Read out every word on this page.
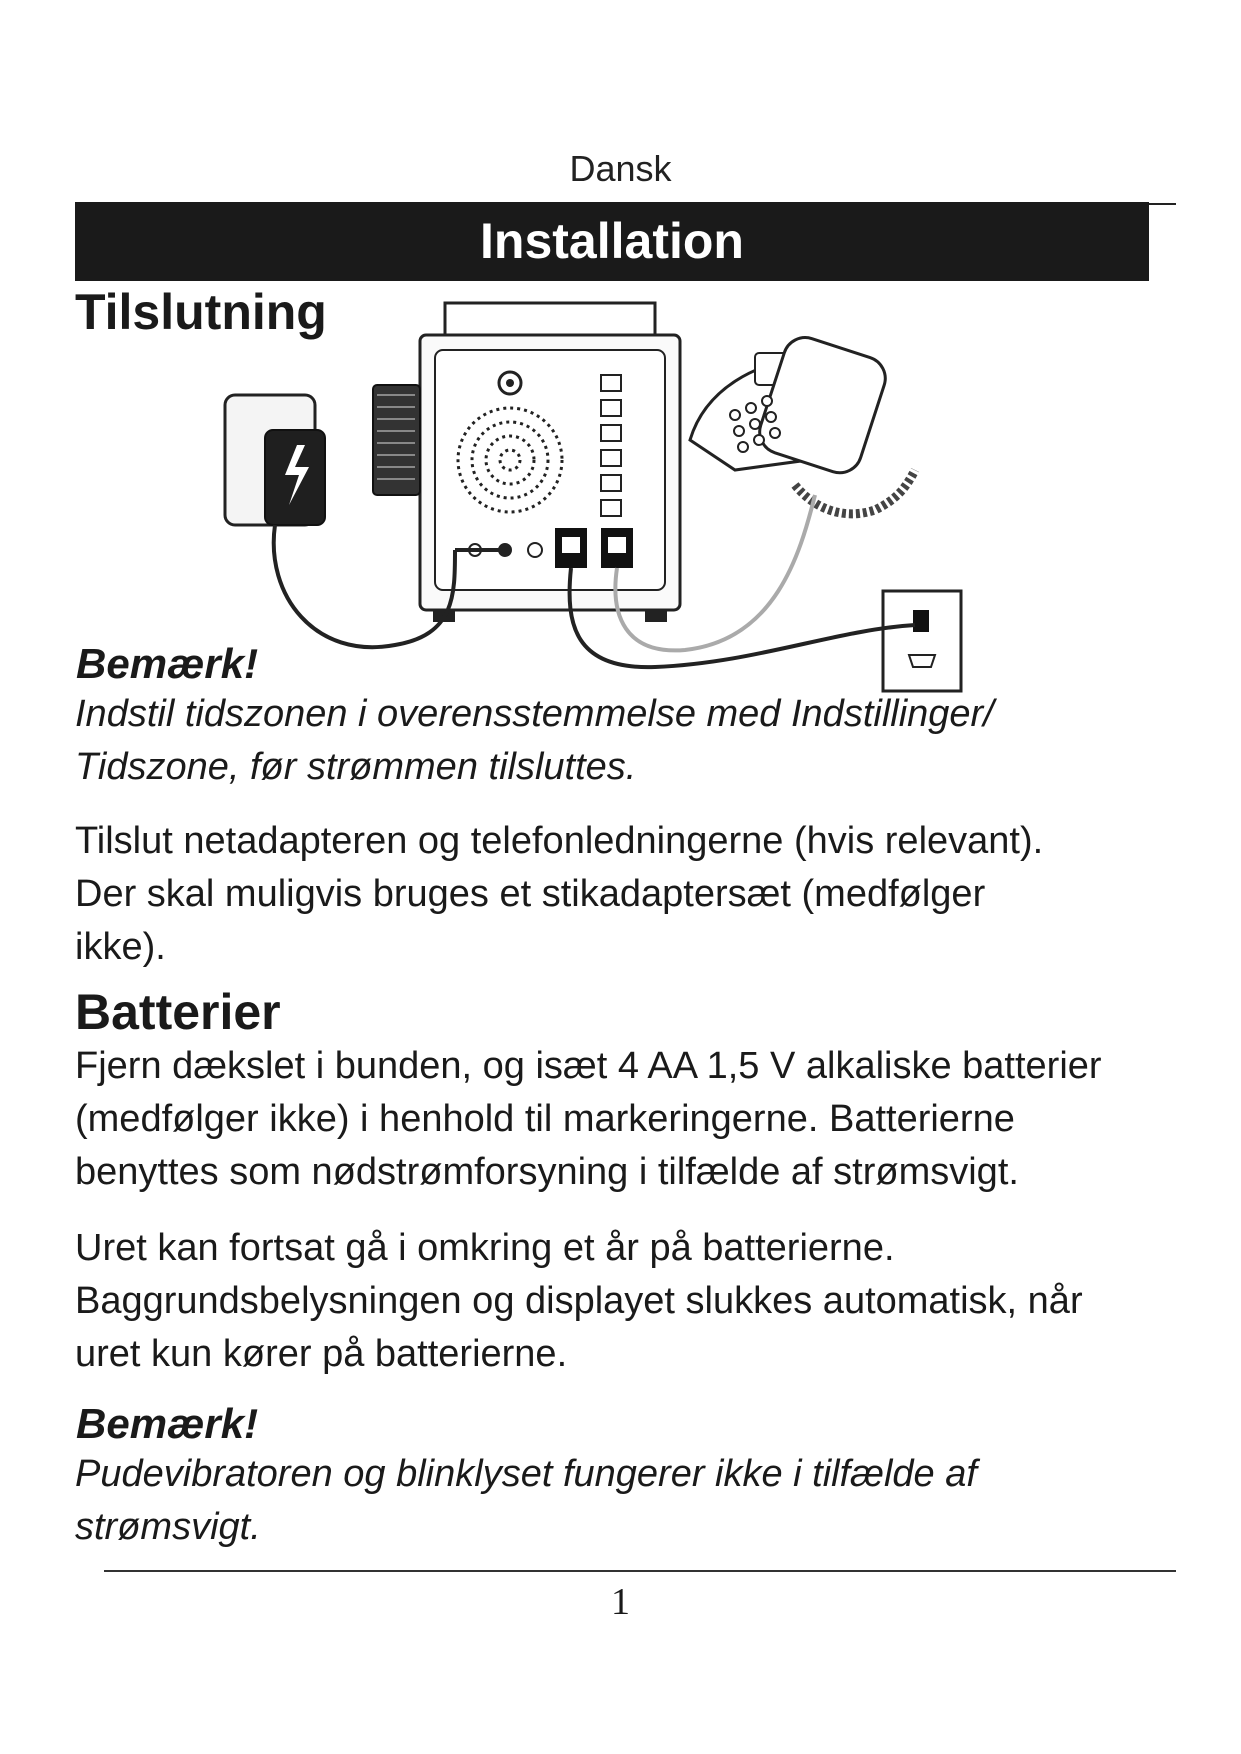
Dansk
Installation
Tilslutning
Bemærk!

Indstil tidszonen i overensstemmelse med Indstillinger/ Tidszone, før strømmen tilsluttes.

Tilslut netadapteren og telefonledningerne (hvis relevant). Der skal muligvis bruges et stikadaptersæt (medfølger ikke).

Batterier
Fjern dækslet i bunden, og isæt 4 AA 1,5 V alkaliske batterier
(medfølger ikke) i henhold til markeringerne. Batterierne
benyttes som nødstrømforsyning i tilfælde af strømsvigt.

Uret kan fortsat gå i omkring et år på batterierne. Baggrundsbelysningen og displayet slukkes automatisk, når uret kun kører på batterierne.

Bemærk!

Pudevibratoren og blinklyset fungerer ikke i tilfælde af strømsvigt.

1
